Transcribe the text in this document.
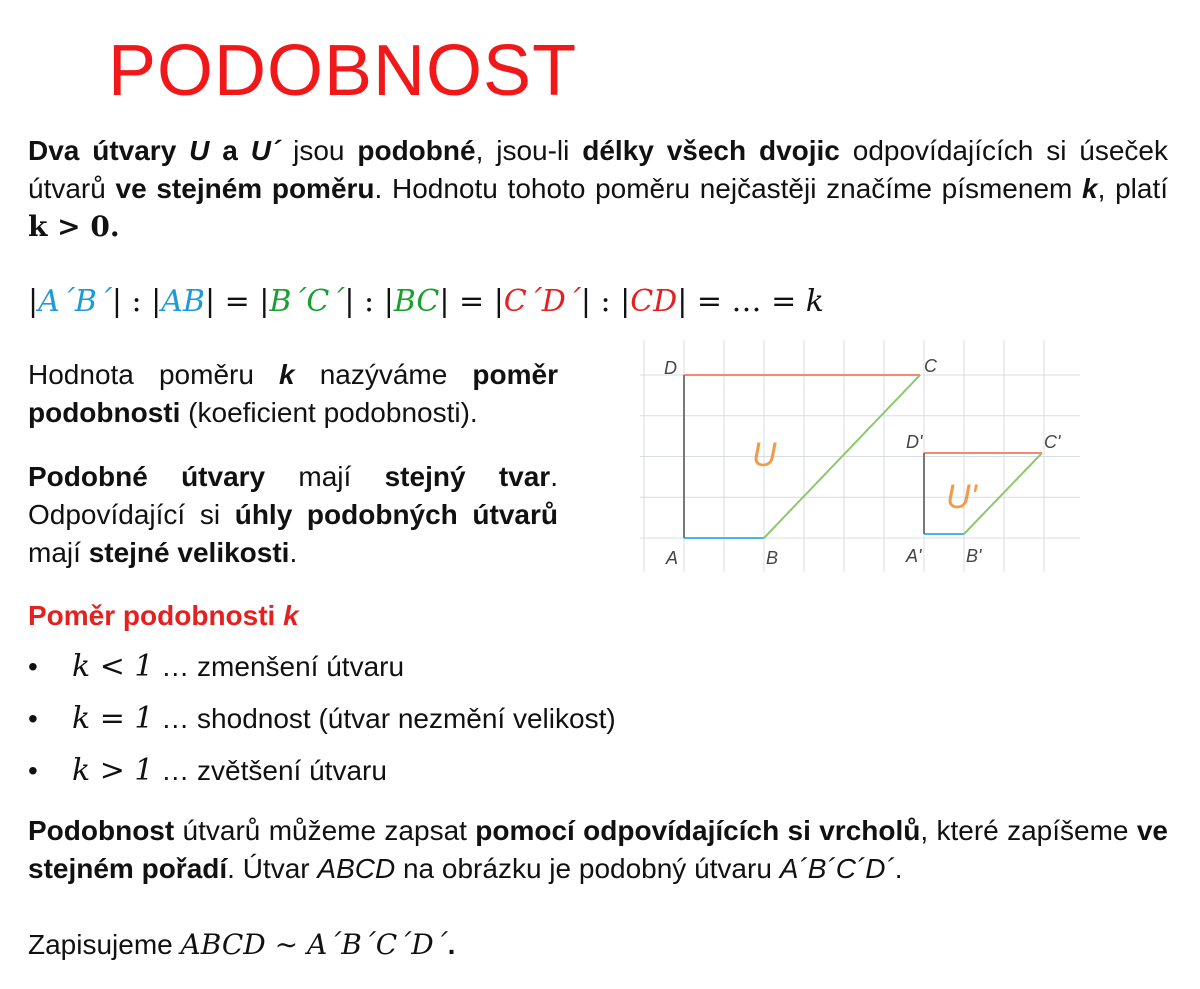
PODOBNOST
Dva útvary U a U´ jsou podobné, jsou-li délky všech dvojic odpovídajících si úseček útvarů ve stejném poměru. Hodnotu tohoto poměru nejčastěji značíme písmenem k, platí k > 0.
|A´B´| : |AB| = |B´C´| : |BC| = |C´D´| : |CD| = … = k
Hodnota poměru k nazýváme poměr podobnosti (koeficient podobnosti).
Podobné útvary mají stejný tvar. Odpovídající si úhly podobných útvarů mají stejné velikosti.
Poměr podobnosti k
• k < 1 … zmenšení útvaru
• k = 1 … shodnost (útvar nezmění velikost)
• k > 1 … zvětšení útvaru
Podobnost útvarů můžeme zapsat pomocí odpovídajících si vrcholů, které zapíšeme ve stejném pořadí. Útvar ABCD na obrázku je podobný útvaru A´B´C´D´.
Zapisujeme ABCD ∼ A´B´C´D´.
A	B
C
D
A' B'
C'
D'
U
U'
